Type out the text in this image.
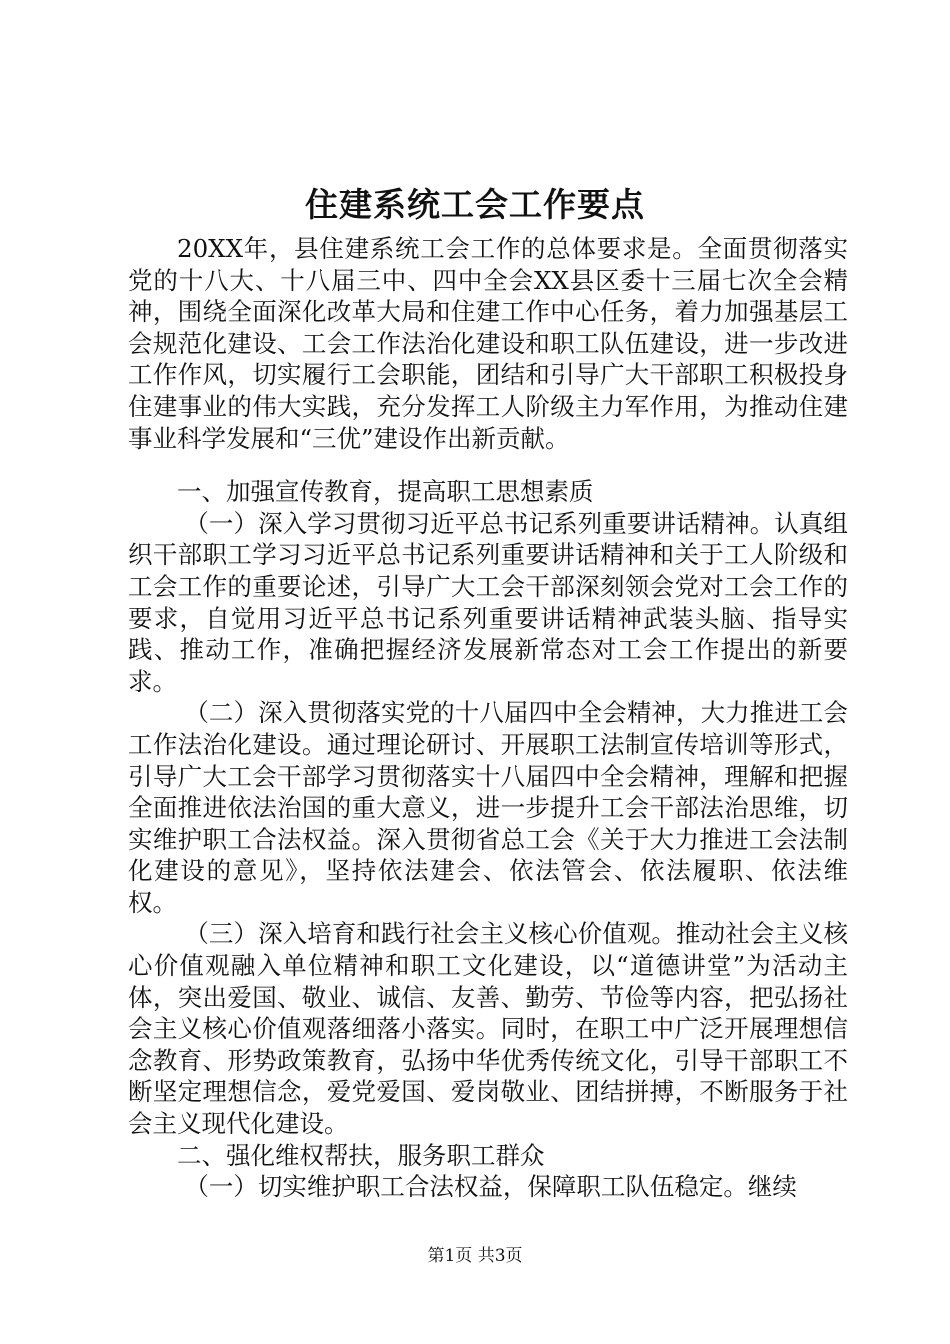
住建系统工会工作要点

20XX年，县住建系统工会工作的总体要求是。全面贯彻落实党的十八大、十八届三中、四中全会XX县区委十三届七次全会精神，围绕全面深化改革大局和住建工作中心任务，着力加强基层工会规范化建设、工会工作法治化建设和职工队伍建设，进一步改进工作作风，切实履行工会职能，团结和引导广大干部职工积极投身住建事业的伟大实践，充分发挥工人阶级主力军作用，为推动住建事业科学发展和“三优”建设作出新贡献。

一、加强宣传教育，提高职工思想素质

（一）深入学习贯彻习近平总书记系列重要讲话精神。认真组织干部职工学习习近平总书记系列重要讲话精神和关于工人阶级和工会工作的重要论述，引导广大工会干部深刻领会党对工会工作的要求，自觉用习近平总书记系列重要讲话精神武装头脑、指导实践、推动工作，准确把握经济发展新常态对工会工作提出的新要求。

（二）深入贯彻落实党的十八届四中全会精神，大力推进工会工作法治化建设。通过理论研讨、开展职工法制宣传培训等形式，引导广大工会干部学习贯彻落实十八届四中全会精神，理解和把握全面推进依法治国的重大意义，进一步提升工会干部法治思维，切实维护职工合法权益。深入贯彻省总工会《关于大力推进工会法制化建设的意见》，坚持依法建会、依法管会、依法履职、依法维权。

（三）深入培育和践行社会主义核心价值观。推动社会主义核心价值观融入单位精神和职工文化建设，以“道德讲堂”为活动主体，突出爱国、敬业、诚信、友善、勤劳、节俭等内容，把弘扬社会主义核心价值观落细落小落实。同时，在职工中广泛开展理想信念教育、形势政策教育，弘扬中华优秀传统文化，引导干部职工不断坚定理想信念，爱党爱国、爱岗敬业、团结拼搏，不断服务于社会主义现代化建设。

二、强化维权帮扶，服务职工群众

（一）切实维护职工合法权益，保障职工队伍稳定。继续

第1页 共3页
